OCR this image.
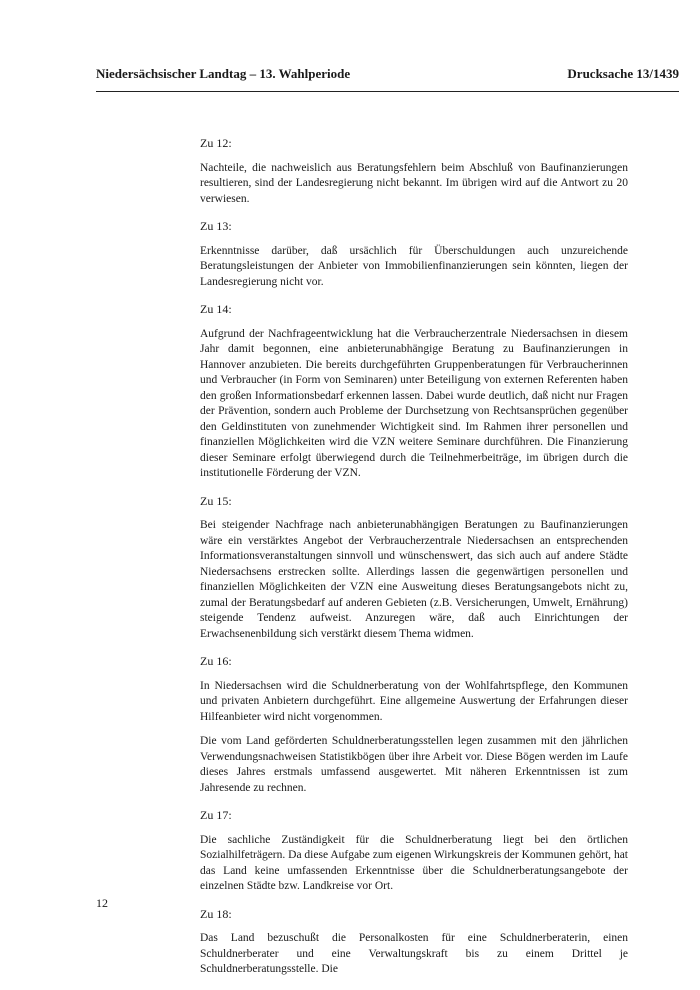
Niedersächsischer Landtag – 13. Wahlperiode	Drucksache 13/1439

Zu 12:

Nachteile, die nachweislich aus Beratungsfehlern beim Abschluß von Baufinanzierungen resultieren, sind der Landesregierung nicht bekannt. Im übrigen wird auf die Antwort zu 20 verwiesen.

Zu 13:

Erkenntnisse darüber, daß ursächlich für Überschuldungen auch unzureichende Beratungsleistungen der Anbieter von Immobilienfinanzierungen sein könnten, liegen der Landesregierung nicht vor.

Zu 14:

Aufgrund der Nachfrageentwicklung hat die Verbraucherzentrale Niedersachsen in diesem Jahr damit begonnen, eine anbieterunabhängige Beratung zu Baufinanzierungen in Hannover anzubieten. Die bereits durchgeführten Gruppenberatungen für Verbraucherinnen und Verbraucher (in Form von Seminaren) unter Beteiligung von externen Referenten haben den großen Informationsbedarf erkennen lassen. Dabei wurde deutlich, daß nicht nur Fragen der Prävention, sondern auch Probleme der Durchsetzung von Rechtsansprüchen gegenüber den Geldinstituten von zunehmender Wichtigkeit sind. Im Rahmen ihrer personellen und finanziellen Möglichkeiten wird die VZN weitere Seminare durchführen. Die Finanzierung dieser Seminare erfolgt überwiegend durch die Teilnehmerbeiträge, im übrigen durch die institutionelle Förderung der VZN.

Zu 15:

Bei steigender Nachfrage nach anbieterunabhängigen Beratungen zu Baufinanzierungen wäre ein verstärktes Angebot der Verbraucherzentrale Niedersachsen an entsprechenden Informationsveranstaltungen sinnvoll und wünschenswert, das sich auch auf andere Städte Niedersachsens erstrecken sollte. Allerdings lassen die gegenwärtigen personellen und finanziellen Möglichkeiten der VZN eine Ausweitung dieses Beratungsangebots nicht zu, zumal der Beratungsbedarf auf anderen Gebieten (z.B. Versicherungen, Umwelt, Ernährung) steigende Tendenz aufweist. Anzuregen wäre, daß auch Einrichtungen der Erwachsenenbildung sich verstärkt diesem Thema widmen.

Zu 16:

In Niedersachsen wird die Schuldnerberatung von der Wohlfahrtspflege, den Kommunen und privaten Anbietern durchgeführt. Eine allgemeine Auswertung der Erfahrungen dieser Hilfeanbieter wird nicht vorgenommen.

Die vom Land geförderten Schuldnerberatungsstellen legen zusammen mit den jährlichen Verwendungsnachweisen Statistikbögen über ihre Arbeit vor. Diese Bögen werden im Laufe dieses Jahres erstmals umfassend ausgewertet. Mit näheren Erkenntnissen ist zum Jahresende zu rechnen.

Zu 17:

Die sachliche Zuständigkeit für die Schuldnerberatung liegt bei den örtlichen Sozialhilfeträgern. Da diese Aufgabe zum eigenen Wirkungskreis der Kommunen gehört, hat das Land keine umfassenden Erkenntnisse über die Schuldnerberatungsangebote der einzelnen Städte bzw. Landkreise vor Ort.

Zu 18:

Das Land bezuschußt die Personalkosten für eine Schuldnerberaterin, einen Schuldnerberater und eine Verwaltungskraft bis zu einem Drittel je Schuldnerberatungsstelle. Die

12
